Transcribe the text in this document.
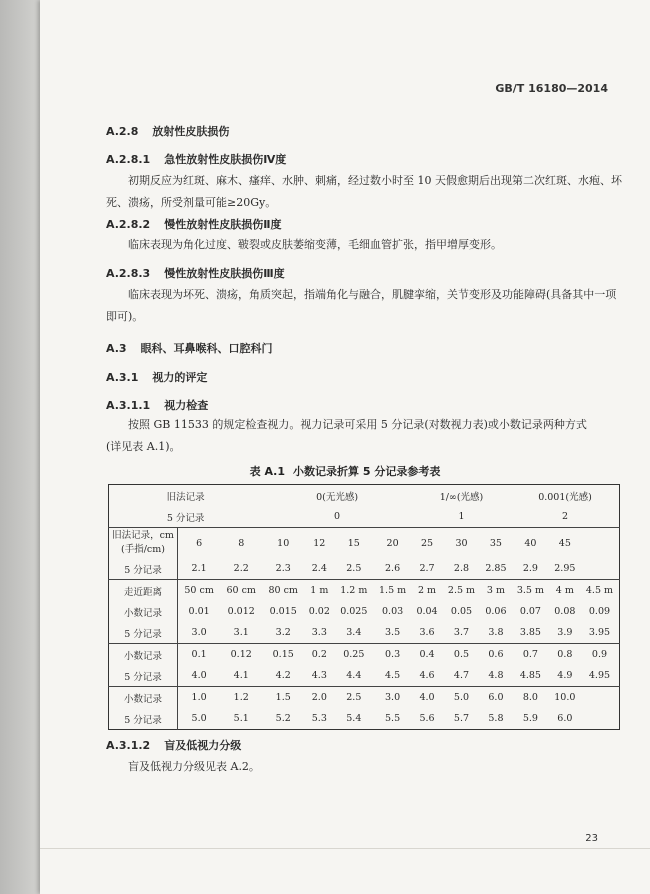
GB/T 16180—2014
A.2.8 放射性皮肤损伤
A.2.8.1 急性放射性皮肤损伤Ⅳ度
初期反应为红斑、麻木、瘙痒、水肿、刺痛，经过数小时至 10 天假愈期后出现第二次红斑、水疱、坏
死、溃疡，所受剂量可能≥20Gy。
A.2.8.2 慢性放射性皮肤损伤Ⅱ度
临床表现为角化过度、皲裂或皮肤萎缩变薄，毛细血管扩张，指甲增厚变形。
A.2.8.3 慢性放射性皮肤损伤Ⅲ度
临床表现为坏死、溃疡，角质突起，指端角化与融合，肌腱挛缩，关节变形及功能障碍(具备其中一项
即可)。
A.3 眼科、耳鼻喉科、口腔科门
A.3.1 视力的评定
A.3.1.1 视力检查
按照 GB 11533 的规定检查视力。视力记录可采用 5 分记录(对数视力表)或小数记录两种方式
(详见表 A.1)。
表 A.1 小数记录折算 5 分记录参考表
旧法记录			0(无光感)				1/∞(光感)			0.001(光感)		
5 分记录			0				1			2		
旧法记录，cm
(手指/cm)	6	8	10	12	15	20	25	30	35	40	45	
5 分记录	2.1	2.2	2.3	2.4	2.5	2.6	2.7	2.8	2.85	2.9	2.95	
走近距离	50 cm	60 cm	80 cm	1 m	1.2 m	1.5 m	2 m	2.5 m	3 m	3.5 m	4 m	4.5 m
小数记录	0.01	0.012	0.015	0.02	0.025	0.03	0.04	0.05	0.06	0.07	0.08	0.09
5 分记录	3.0	3.1	3.2	3.3	3.4	3.5	3.6	3.7	3.8	3.85	3.9	3.95
小数记录	0.1	0.12	0.15	0.2	0.25	0.3	0.4	0.5	0.6	0.7	0.8	0.9
5 分记录	4.0	4.1	4.2	4.3	4.4	4.5	4.6	4.7	4.8	4.85	4.9	4.95
小数记录	1.0	1.2	1.5	2.0	2.5	3.0	4.0	5.0	6.0	8.0	10.0	
5 分记录	5.0	5.1	5.2	5.3	5.4	5.5	5.6	5.7	5.8	5.9	6.0	
A.3.1.2 盲及低视力分级
盲及低视力分级见表 A.2。
23
